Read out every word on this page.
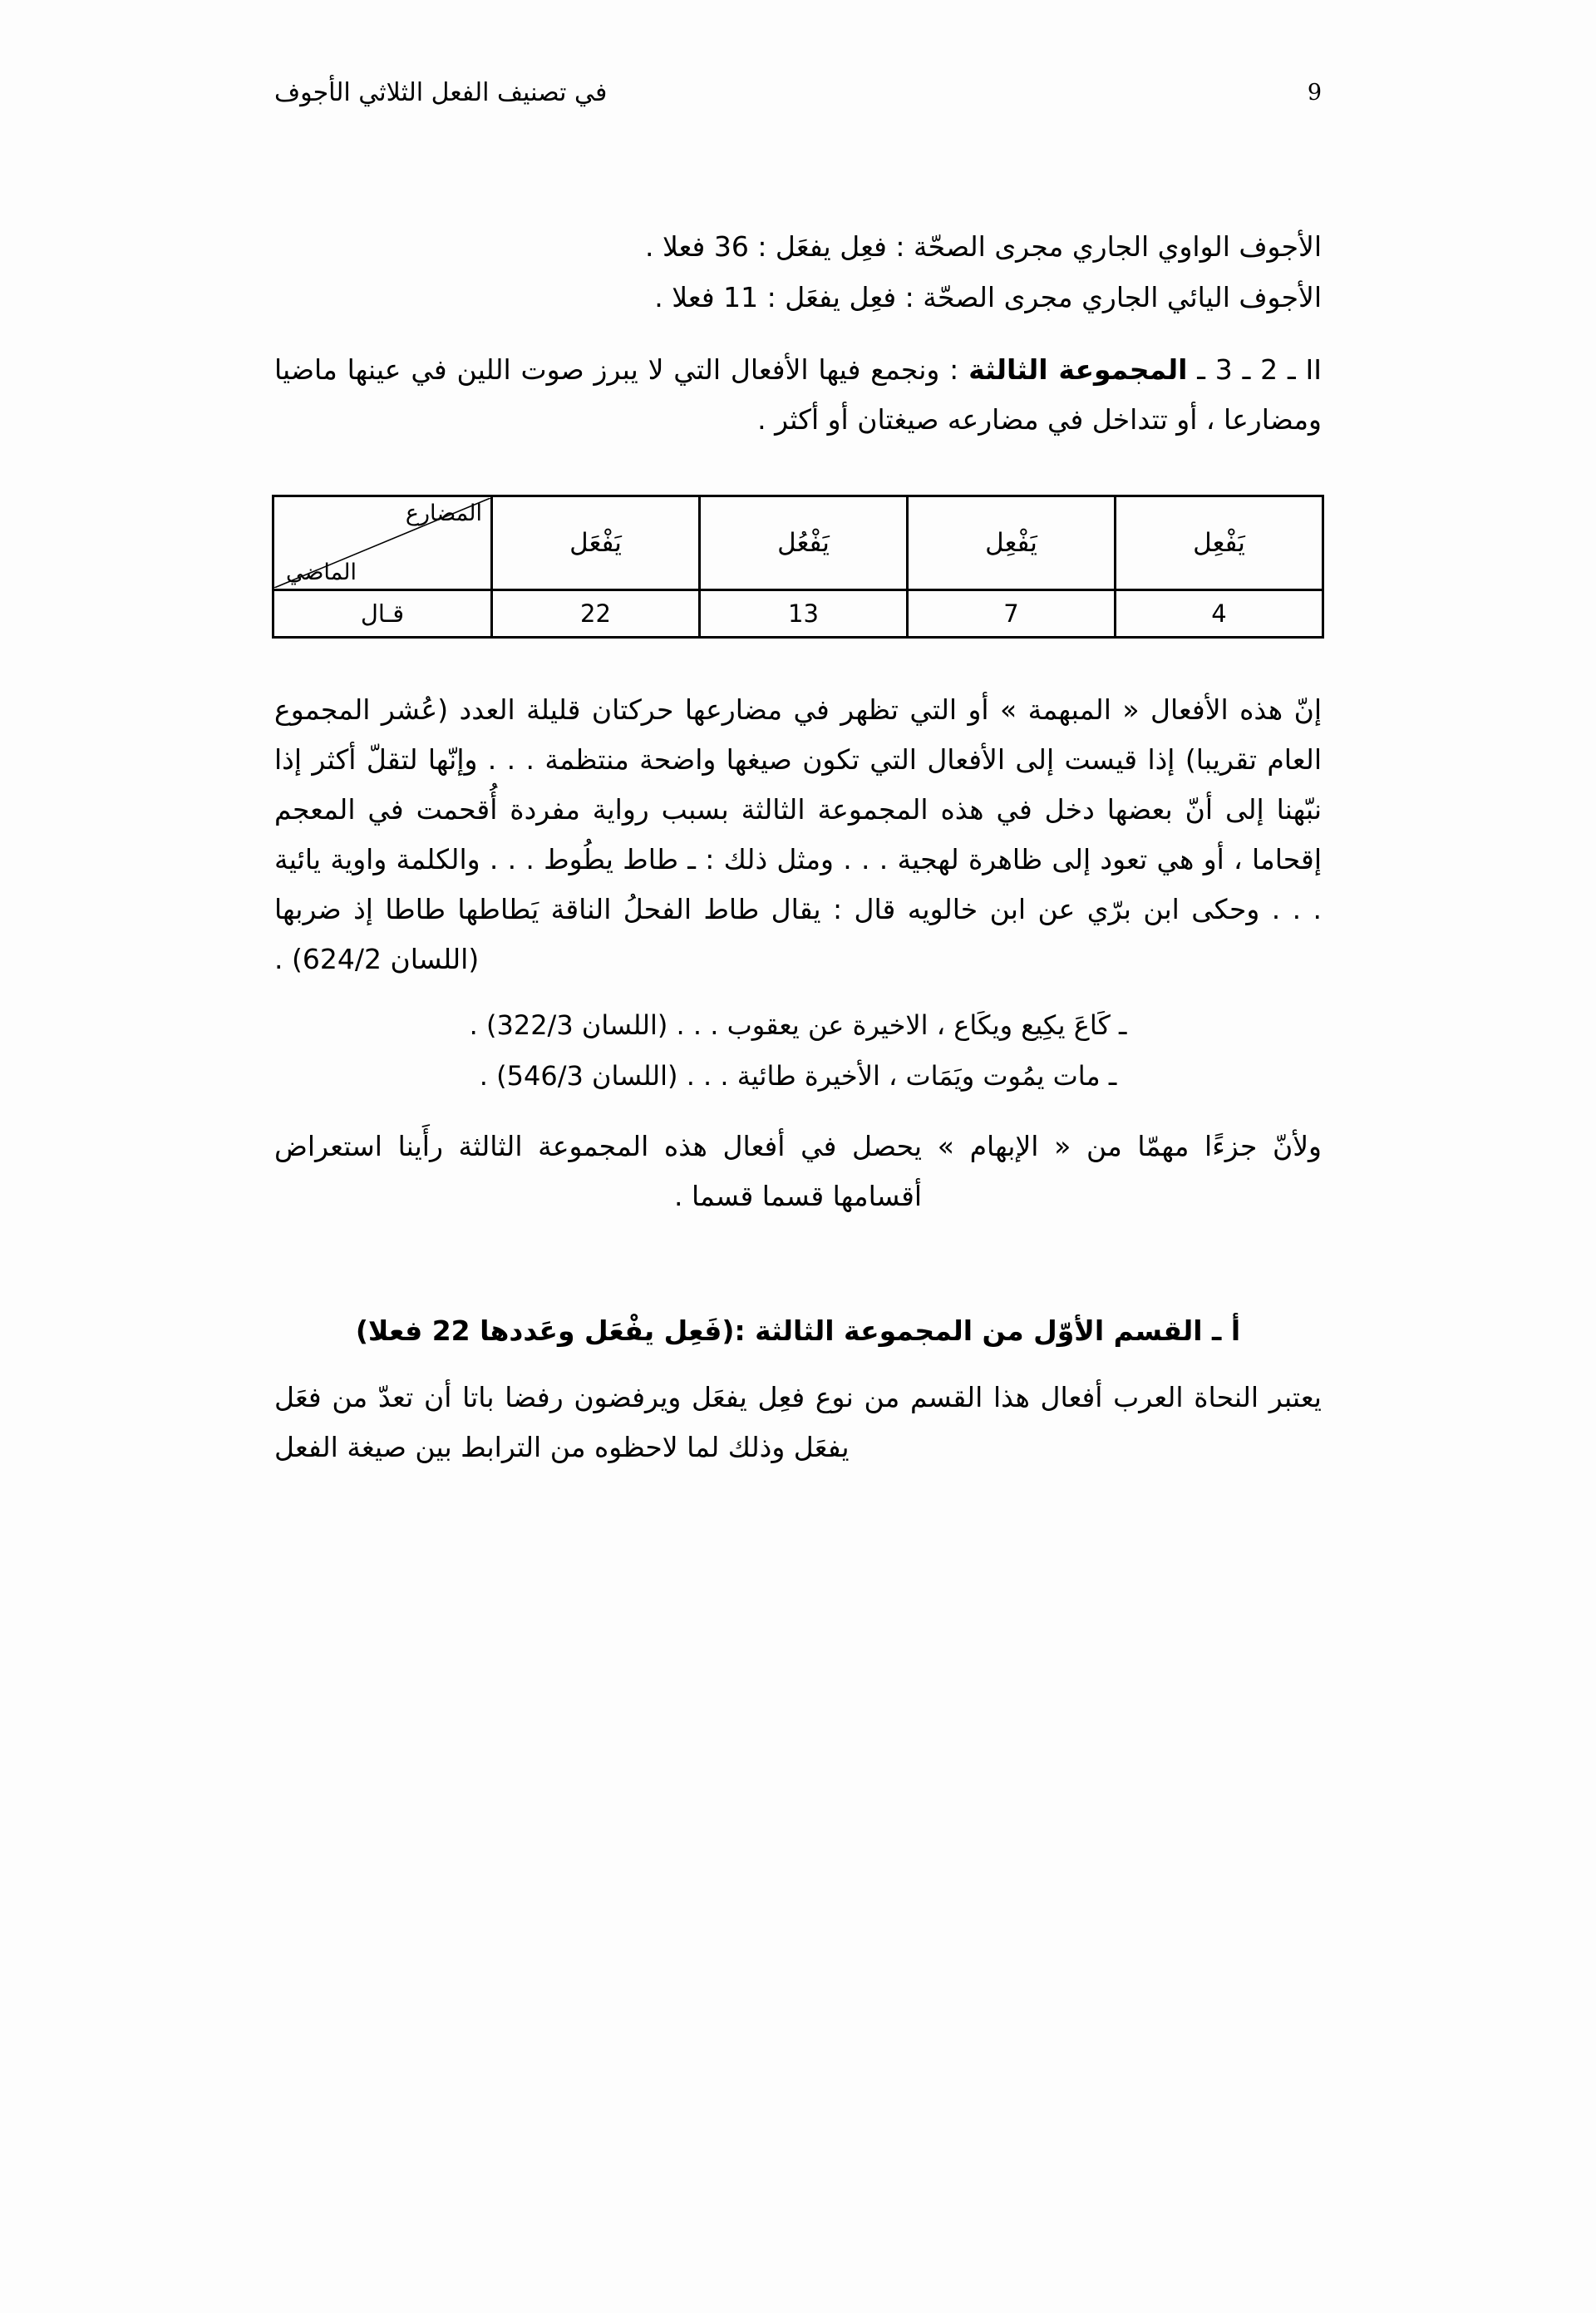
في تصنيف الفعل الثلاثي الأجوف	9

الأجوف الواوي الجاري مجرى الصحّة : فعِل يفعَل : 36 فعلا .

الأجوف اليائي الجاري مجرى الصحّة : فعِل يفعَل : 11 فعلا .

II ـ 2 ـ 3 ـ المجموعة الثالثة : ونجمع فيها الأفعال التي لا يبرز صوت اللين في عينها ماضيا ومضارعا ، أو تتداخل في مضارعه صيغتان أو أكثر .

يَفْعِل	يَفْعِل	يَفْعُل	يَفْعَل	المضارع
الماضي

4	7	13	22	قـال

إنّ هذه الأفعال « المبهمة » أو التي تظهر في مضارعها حركتان قليلة العدد (عُشر المجموع العام تقريبا) إذا قيست إلى الأفعال التي تكون صيغها واضحة منتظمة . . . وإنّها لتقلّ أكثر إذا نبّهنا إلى أنّ بعضها دخل في هذه المجموعة الثالثة بسبب رواية مفردة أُقحمت في المعجم إقحاما ، أو هي تعود إلى ظاهرة لهجية . . . ومثل ذلك : ـ طاط يطُوط . . . والكلمة واوية يائية . . . وحكى ابن برّي عن ابن خالويه قال : يقال طاط الفحلُ الناقة يَطاطها طاطا إذ ضربها (اللسان 624/2) .

ـ كَاعَ يكِيع ويكَاع ، الاخيرة عن يعقوب . . . (اللسان 322/3) .

ـ مات يمُوت ويَمَات ، الأخيرة طائية . . . (اللسان 546/3) .

ولأنّ جزءًا مهمّا من « الإبهام » يحصل في أفعال هذه المجموعة الثالثة رأَينا استعراض أقسامها قسما قسما .

أ ـ القسم الأوّل من المجموعة الثالثة :(فَعِل يفْعَل وعَددها 22 فعلا)

يعتبر النحاة العرب أفعال هذا القسم من نوع فعِل يفعَل ويرفضون رفضا باتا أن تعدّ من فعَل يفعَل وذلك لما لاحظوه من الترابط بين صيغة الفعل
